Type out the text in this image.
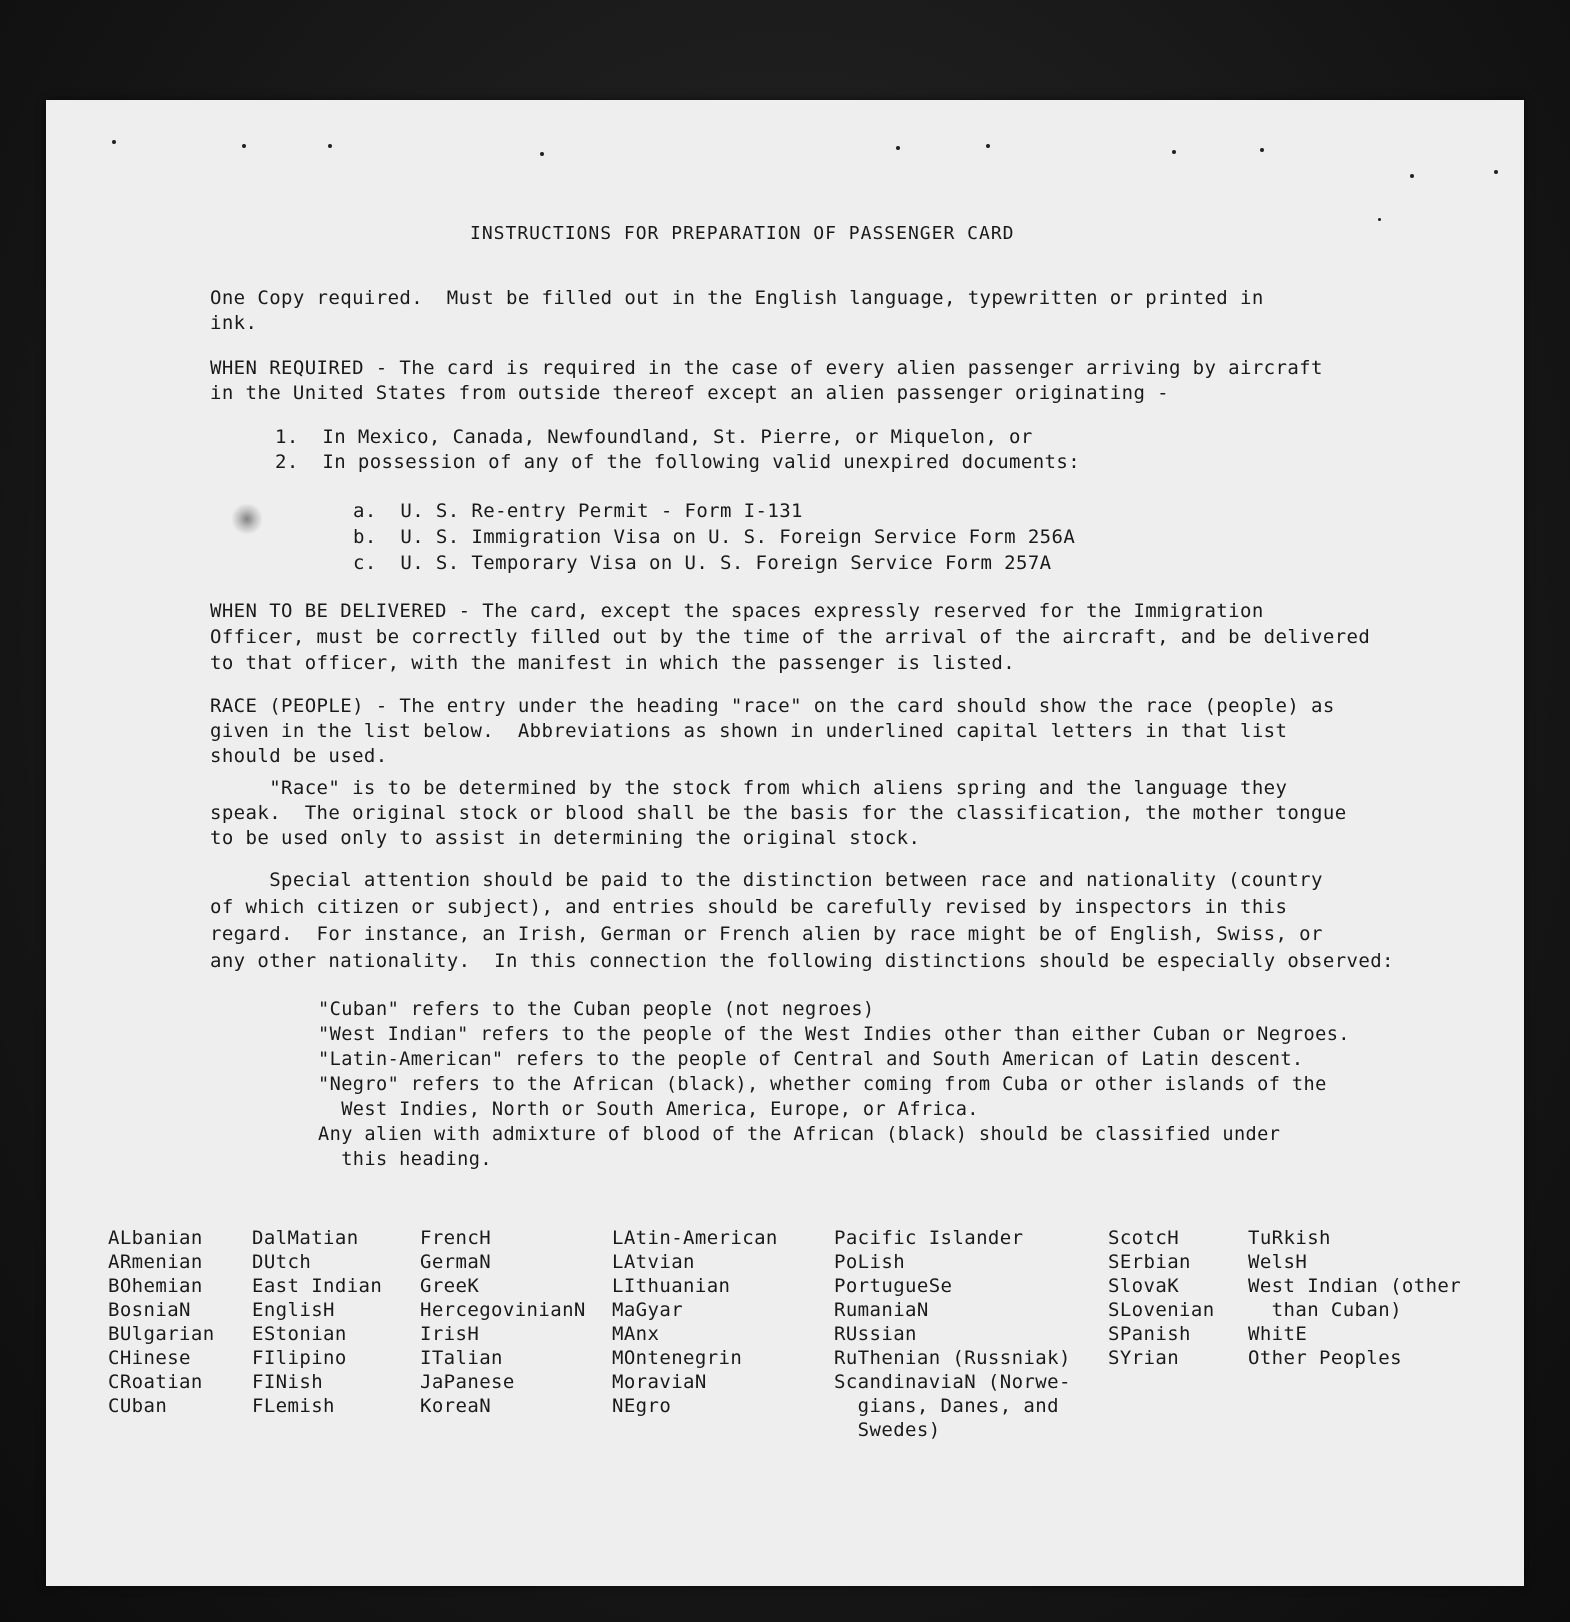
INSTRUCTIONS FOR PREPARATION OF PASSENGER CARD
One Copy required.  Must be filled out in the English language, typewritten or printed in
ink.
WHEN REQUIRED - The card is required in the case of every alien passenger arriving by aircraft
in the United States from outside thereof except an alien passenger originating -
1.  In Mexico, Canada, Newfoundland, St. Pierre, or Miquelon, or
2.  In possession of any of the following valid unexpired documents:
a.  U. S. Re-entry Permit - Form I-131
b.  U. S. Immigration Visa on U. S. Foreign Service Form 256A
c.  U. S. Temporary Visa on U. S. Foreign Service Form 257A
WHEN TO BE DELIVERED - The card, except the spaces expressly reserved for the Immigration
Officer, must be correctly filled out by the time of the arrival of the aircraft, and be delivered
to that officer, with the manifest in which the passenger is listed.
RACE (PEOPLE) - The entry under the heading "race" on the card should show the race (people) as
given in the list below.  Abbreviations as shown in underlined capital letters in that list
should be used.
"Race" is to be determined by the stock from which aliens spring and the language they
speak.  The original stock or blood shall be the basis for the classification, the mother tongue
to be used only to assist in determining the original stock.
Special attention should be paid to the distinction between race and nationality (country
of which citizen or subject), and entries should be carefully revised by inspectors in this
regard.  For instance, an Irish, German or French alien by race might be of English, Swiss, or
any other nationality.  In this connection the following distinctions should be especially observed:
"Cuban" refers to the Cuban people (not negroes)
"West Indian" refers to the people of the West Indies other than either Cuban or Negroes.
"Latin-American" refers to the people of Central and South American of Latin descent.
"Negro" refers to the African (black), whether coming from Cuba or other islands of the
West Indies, North or South America, Europe, or Africa.
Any alien with admixture of blood of the African (black) should be classified under
this heading.
ALbanian
ARmenian
BOhemian
BosniaN
BUlgarian
CHinese
CRoatian
CUban
DalMatian
DUtch
East Indian
EnglisH
EStonian
FIlipino
FINish
FLemish
FrencH
GermaN
GreeK
HercegovinianN
IrisH
ITalian
JaPanese
KoreaN
LAtin-American
LAtvian
LIthuanian
MaGyar
MAnx
MOntenegrin
MoraviaN
NEgro
Pacific Islander
PoLish
PortugueSe
RumaniaN
RUssian
RuThenian (Russniak)
ScandinaviaN (Norwe-
gians, Danes, and
Swedes)
ScotcH
SErbian
SlovaK
SLovenian
SPanish
SYrian
TuRkish
WelsH
West Indian (other
than Cuban)
WhitE
Other Peoples
